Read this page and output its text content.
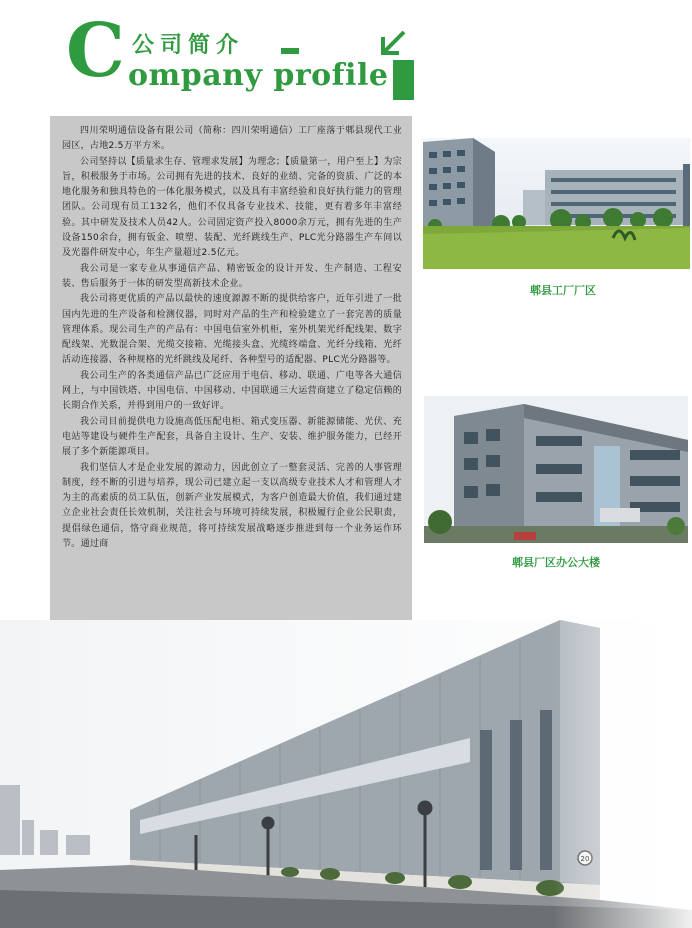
C 公司简介
ompany profile

四川荣明通信设备有限公司（简称：四川荣明通信）工厂座落于郫县现代工业园区，占地2.5万平方米。

公司坚持以【质量求生存、管理求发展】为理念；【质量第一，用户至上】为宗旨，积极服务于市场。公司拥有先进的技术、良好的业绩、完备的资质、广泛的本地化服务和独具特色的一体化服务模式，以及具有丰富经验和良好执行能力的管理团队。公司现有员工132名，他们不仅具备专业技术、技能，更有着多年丰富经验。其中研发及技术人员42人。公司固定资产投入8000余万元，拥有先进的生产设备150余台，拥有钣金、喷塑、装配、光纤跳线生产、PLC光分路器生产车间以及光器件研发中心，年生产量超过2.5亿元。

我公司是一家专业从事通信产品、精密钣金的设计开发、生产制造、工程安装、售后服务于一体的研发型高新技术企业。

我公司将更优质的产品以最快的速度源源不断的提供给客户，近年引进了一批国内先进的生产设备和检测仪器，同时对产品的生产和检验建立了一套完善的质量管理体系。现公司生产的产品有：中国电信室外机柜，室外机架光纤配线架、数字配线架、光数混合架、光缆交接箱、光缆接头盒、光缆终端盒、光纤分线箱、光纤活动连接器、各种规格的光纤跳线及尾纤、各种型号的适配器、PLC光分路器等。

我公司生产的各类通信产品已广泛应用于电信、移动、联通、广电等各大通信网上，与中国铁塔、中国电信、中国移动、中国联通三大运营商建立了稳定信赖的长期合作关系，并得到用户的一致好评。

我公司目前提供电力设施高低压配电柜、箱式变压器、新能源储能、光伏、充电站等建设与硬件生产配套，具备自主设计、生产、安装、维护服务能力，已经开展了多个新能源项目。

我们坚信人才是企业发展的源动力，因此创立了一整套灵活、完善的人事管理制度，经不断的引进与培养，现公司已建立起一支以高级专业技术人才和管理人才为主的高素质的员工队伍，创新产业发展模式，为客户创造最大价值，我们通过建立企业社会责任长效机制，关注社会与环境可持续发展，积极履行企业公民职责，提倡绿色通信，恪守商业规范，将可持续发展战略逐步推进到每一个业务运作环节。通过商

郫县工厂厂区
郫县厂区办公大楼
